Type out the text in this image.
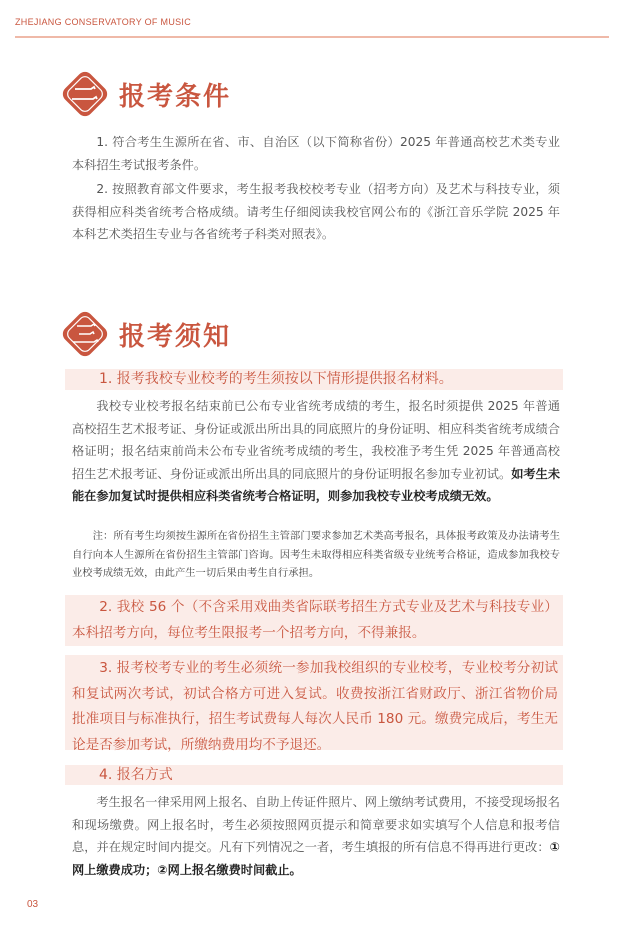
ZHEJIANG CONSERVATORY OF MUSIC
报考条件

1. 符合考生生源所在省、市、自治区（以下简称省份）2025 年普通高校艺术类专业本科招生考试报考条件。

2. 按照教育部文件要求，考生报考我校校考专业（招考方向）及艺术与科技专业，须获得相应科类省统考合格成绩。请考生仔细阅读我校官网公布的《浙江音乐学院 2025 年本科艺术类招生专业与各省统考子科类对照表》。

报考须知
1. 报考我校专业校考的考生须按以下情形提供报名材料。

我校专业校考报名结束前已公布专业省统考成绩的考生，报名时须提供 2025 年普通高校招生艺术报考证、身份证或派出所出具的同底照片的身份证明、相应科类省统考成绩合格证明；报名结束前尚未公布专业省统考成绩的考生，我校准予考生凭 2025 年普通高校招生艺术报考证、身份证或派出所出具的同底照片的身份证明报名参加专业初试。如考生未能在参加复试时提供相应科类省统考合格证明，则参加我校专业校考成绩无效。

注：所有考生均须按生源所在省份招生主管部门要求参加艺术类高考报名，具体报考政策及办法请考生自行向本人生源所在省份招生主管部门咨询。因考生未取得相应科类省级专业统考合格证，造成参加我校专业校考成绩无效，由此产生一切后果由考生自行承担。

2. 我校 56 个（不含采用戏曲类省际联考招生方式专业及艺术与科技专业）本科招考方向，每位考生限报考一个招考方向，不得兼报。

3. 报考校考专业的考生必须统一参加我校组织的专业校考，专业校考分初试和复试两次考试，初试合格方可进入复试。收费按浙江省财政厅、浙江省物价局批准项目与标准执行，招生考试费每人每次人民币 180 元。缴费完成后，考生无论是否参加考试，所缴纳费用均不予退还。

4. 报名方式

考生报名一律采用网上报名、自助上传证件照片、网上缴纳考试费用，不接受现场报名和现场缴费。网上报名时，考生必须按照网页提示和简章要求如实填写个人信息和报考信息，并在规定时间内提交。凡有下列情况之一者，考生填报的所有信息不得再进行更改：①网上缴费成功；②网上报名缴费时间截止。

03
